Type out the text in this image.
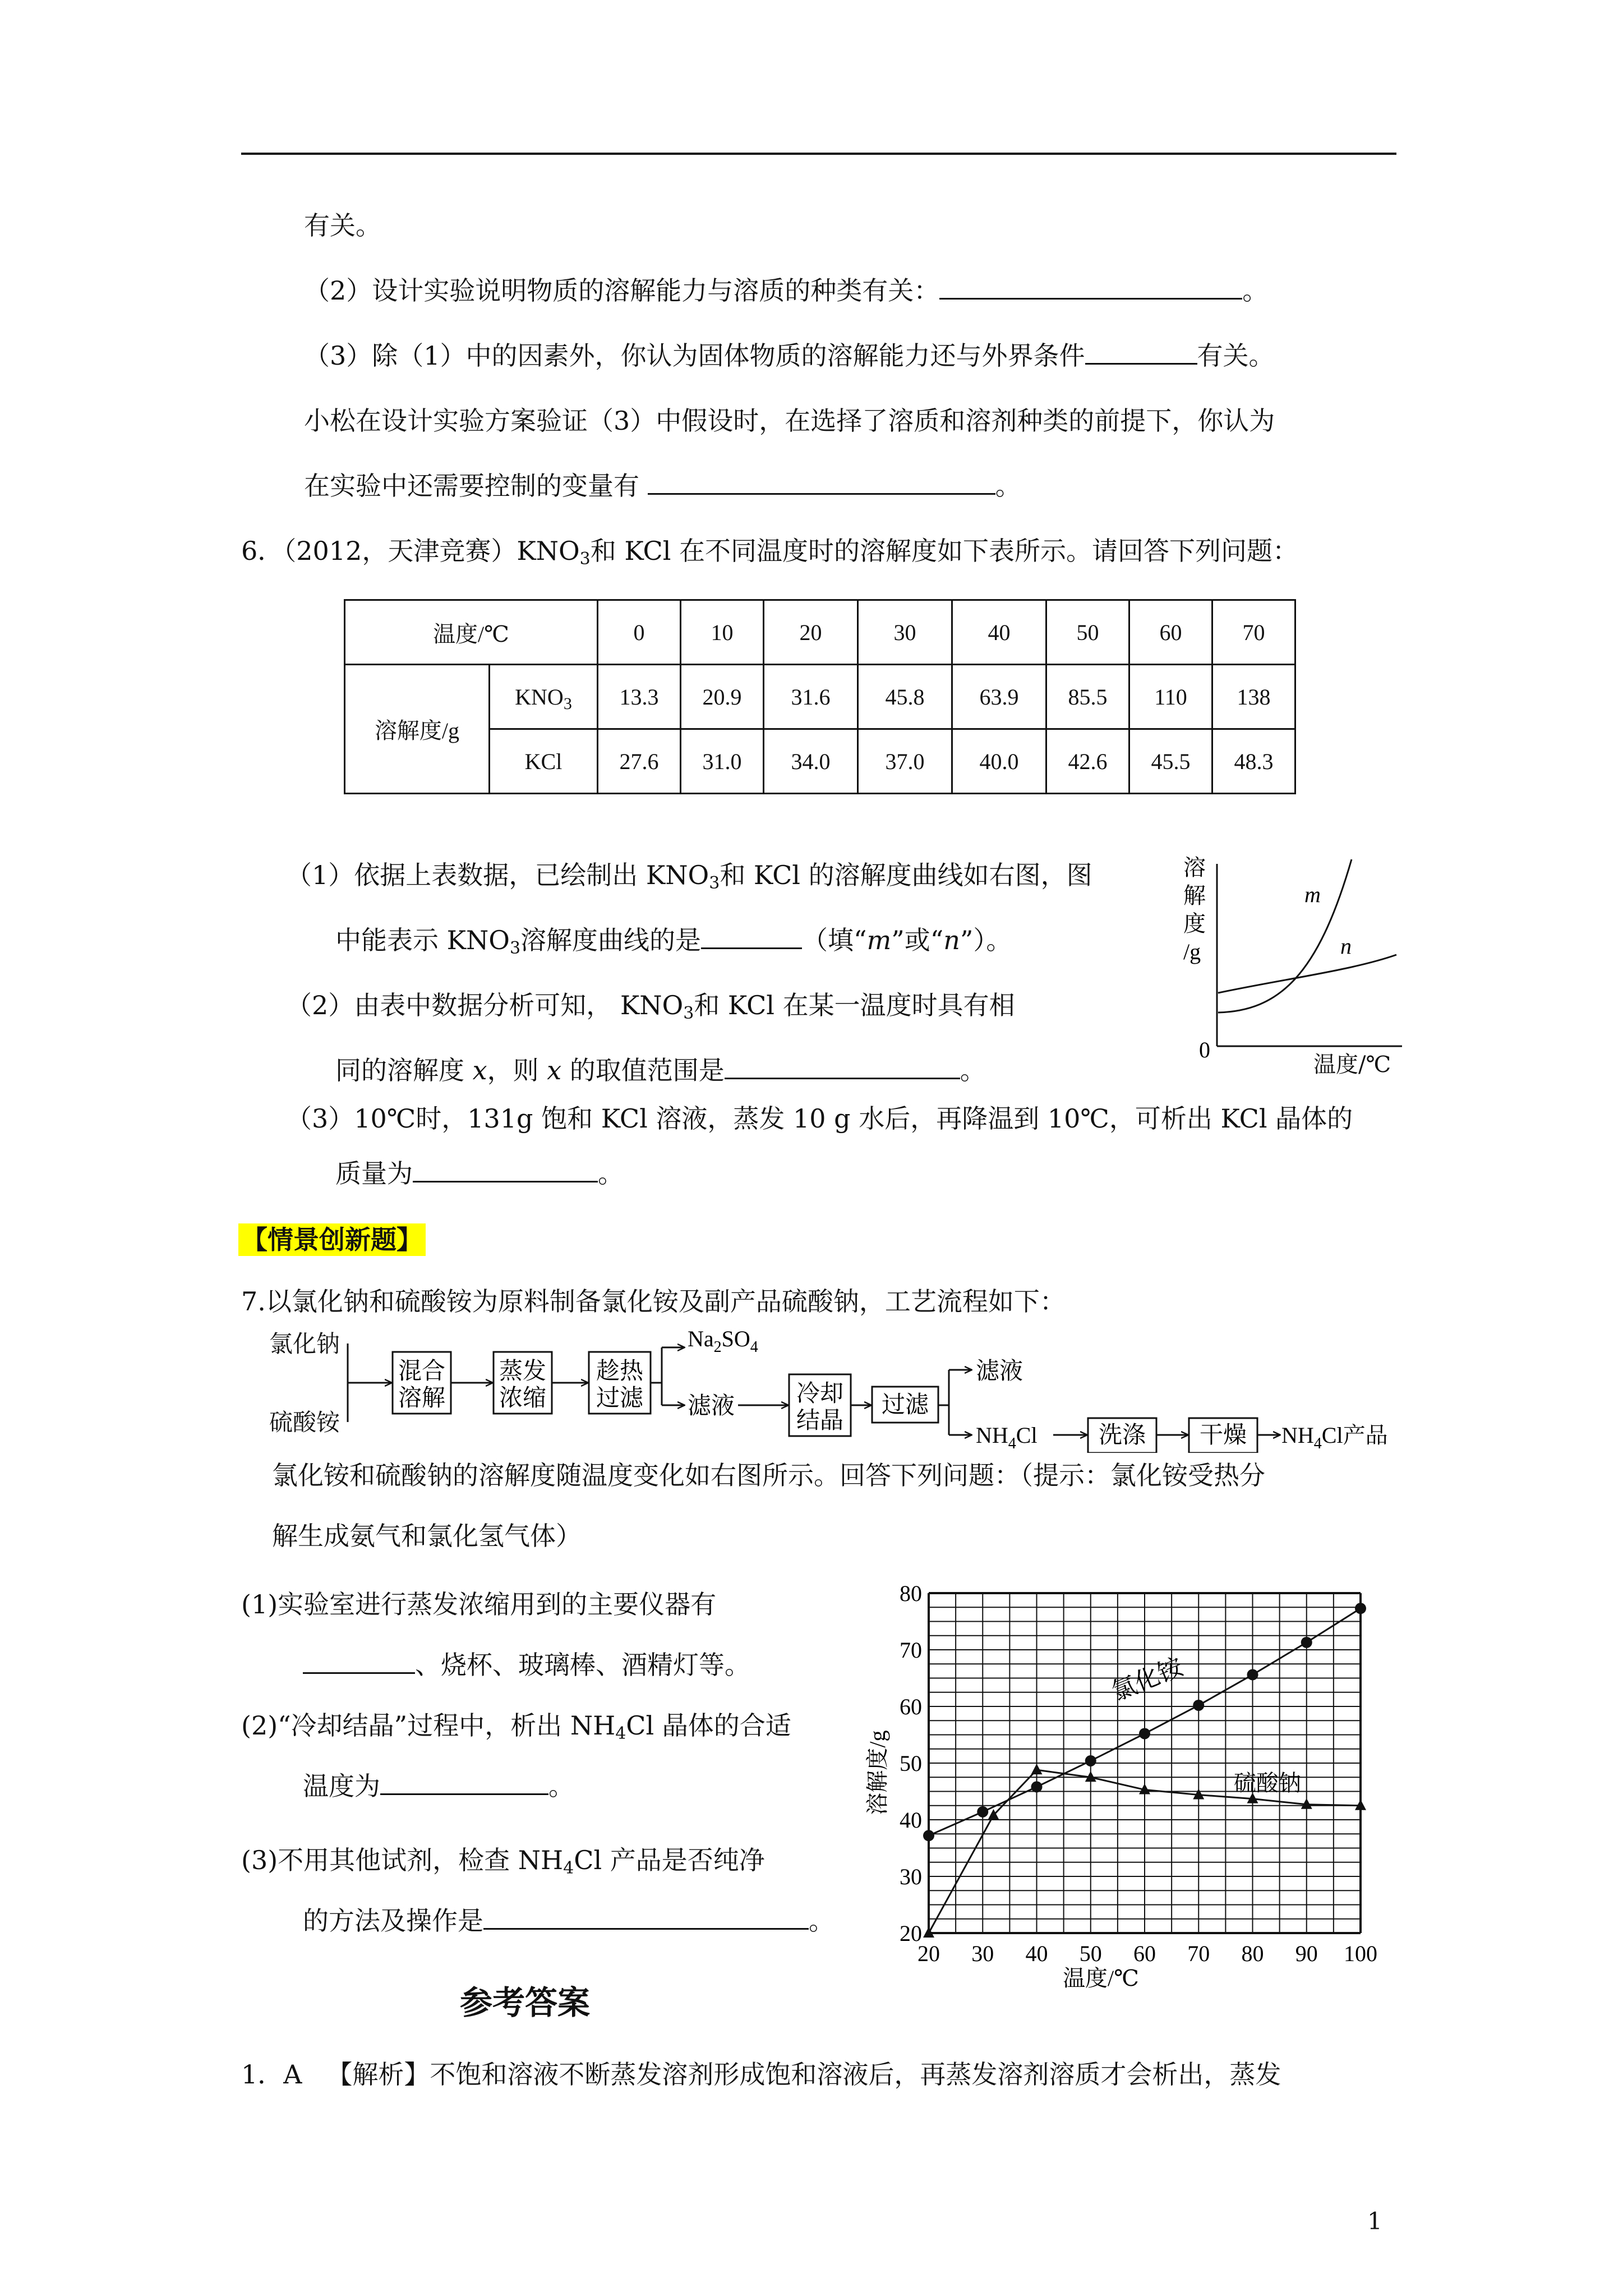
有关。
（2）设计实验说明物质的溶解能力与溶质的种类有关：	。
（3）除（1）中的因素外，你认为固体物质的溶解能力还与外界条件	有关。
小松在设计实验方案验证（3）中假设时，在选择了溶质和溶剂种类的前提下，你认为
在实验中还需要控制的变量有	。
6．（2012，天津竞赛）$KNO_3$和 KCl 在不同温度时的溶解度如下表所示。请回答下列问题：
温度/℃		0	10	20	30	40	50	60	70
溶解度/g	$KNO_3$	13.3	20.9	31.6	45.8	63.9	85.5	110	138
	KCl	27.6	31.0	34.0	37.0	40.0	42.6	45.5	48.3
（1）依据上表数据，已绘制出 $KNO_3$和 KCl 的溶解度曲线如右图，图
中能表示 $KNO_3$溶解度曲线的是	（填“m”或“n”）。
（2）由表中数据分析可知， $KNO_3$和 KCl 在某一温度时具有相
同的溶解度 x，则 x 的取值范围是	。
（3）10℃时，131g 饱和 KCl 溶液，蒸发 10 g 水后，再降温到 10℃，可析出 KCl 晶体的
质量为	。
溶
解
度
/g
0
m
n
温度/℃
【情景创新题】
7.以氯化钠和硫酸铵为原料制备氯化铵及副产品硫酸钠，工艺流程如下：
氯化钠
硫酸铵
混合
溶解
蒸发
浓缩
趁热
过滤
$Na_2SO_4$
滤液	冷却
结晶
过滤
滤液
$NH_4Cl$	洗涤 干燥 $NH_4Cl$产品
氯化铵和硫酸钠的溶解度随温度变化如右图所示。回答下列问题：（提示：氯化铵受热分
解生成氨气和氯化氢气体）
(1)实验室进行蒸发浓缩用到的主要仪器有
、烧杯、玻璃棒、酒精灯等。
(2)“冷却结晶”过程中，析出 $NH_4Cl$ 晶体的合适
温度为	。
(3)不用其他试剂，检查 $NH_4Cl$ 产品是否纯净
的方法及操作是	。
20 30 40 50 60 70 80 90 100
20
30
40
50
60
70
80
溶解度/g
温度/℃
氯化铵
硫酸钠
参考答案
1．A 【解析】不饱和溶液不断蒸发溶剂形成饱和溶液后，再蒸发溶剂溶质才会析出，蒸发
1
